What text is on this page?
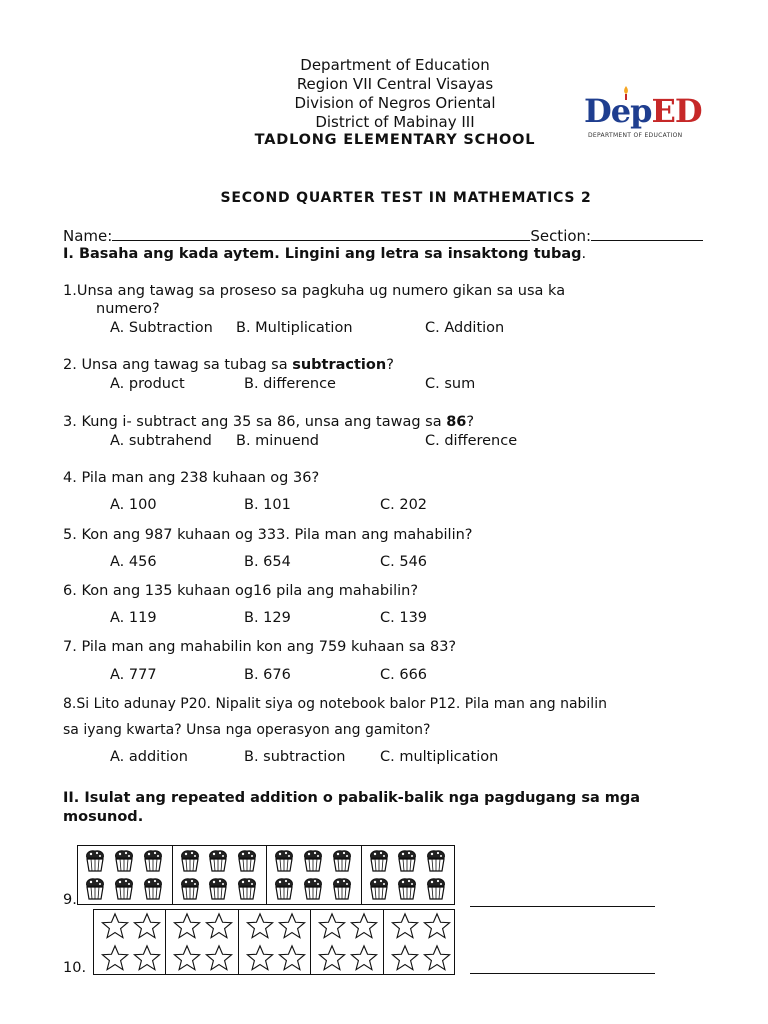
Department of Education
Region VII Central Visayas
Division of Negros Oriental
District of Mabinay III
TADLONG ELEMENTARY SCHOOL
DepED
DEPARTMENT OF EDUCATION
SECOND QUARTER TEST IN MATHEMATICS 2
Name:	Section:
I. Basaha ang kada aytem. Lingini ang letra sa insaktong tubag.
1.Unsa ang tawag sa proseso sa pagkuha ug numero gikan sa usa ka
numero?
A. Subtraction B. Multiplication	C. Addition
2. Unsa ang tawag sa tubag sa subtraction?
A. product	B. difference	C. sum
3. Kung i- subtract ang 35 sa 86, unsa ang tawag sa 86?
A. subtrahend B. minuend	C. difference
4. Pila man ang 238 kuhaan og 36?
A. 100	B. 101	C. 202
5. Kon ang 987 kuhaan og 333. Pila man ang mahabilin?
A. 456	B. 654	C. 546
6. Kon ang 135 kuhaan og16 pila ang mahabilin?
A. 119	B. 129	C. 139
7. Pila man ang mahabilin kon ang 759 kuhaan sa 83?
A. 777	B. 676	C. 666
8.Si Lito adunay P20. Nipalit siya og notebook balor P12. Pila man ang nabilin
sa iyang kwarta? Unsa nga operasyon ang gamiton?
A. addition	B. subtraction C. multiplication
II. Isulat ang repeated addition o pabalik-balik nga pagdugang sa mga
mosunod.
9.
10.
